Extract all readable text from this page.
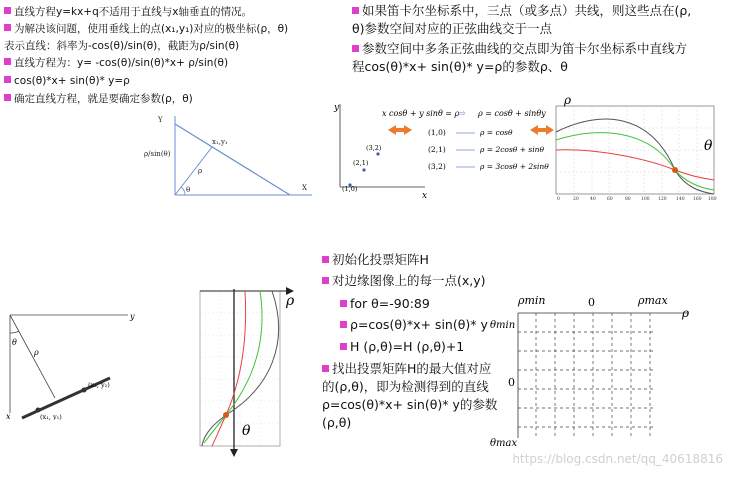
直线方程y=kx+q不适用于直线与x轴垂直的情况。
为解决该问题，使用垂线上的点(x₁,y₁)对应的极坐标(ρ，θ)
表示直线：斜率为-cos(θ)/sin(θ)，截距为ρ/sin(θ)
直线方程为：y= -cos(θ)/sin(θ)*x+ ρ/sin(θ)
cos(θ)*x+ sin(θ)* y=ρ
确定直线方程，就是要确定参数(ρ，θ)
Y
X
x₁,y₁
ρ
θ
ρ/sin(θ)
如果笛卡尔坐标系中，三点（或多点）共线，则这些点在(ρ,
θ)参数空间对应的正弦曲线交于一点
参数空间中多条正弦曲线的交点即为笛卡尔坐标系中直线方
程cos(θ)*x+ sin(θ)* y=ρ的参数ρ、θ
y
x
(3,2)
(2,1)
(1,0)
x cosθ + y sinθ = ρ
⇨ ρ = cosθ + sinθy
(1,0)	ρ = cosθ
(2,1)	ρ = 2cosθ + sinθ
(3,2)	ρ = 3cosθ + 2sinθ
ρ
θ
0	20	40	60	80 100 120 140 160 180
y
x
ρ
θ
(x₁, y₁)
(x₂, y₂)
ρ
θ
初始化投票矩阵H
对边缘图像上的每一点(x,y)
for θ=-90:89
ρ=cos(θ)*x+ sin(θ)* y
H (ρ,θ)=H (ρ,θ)+1
找出投票矩阵H的最大值对应
的(ρ,θ)，即为检测得到的直线
ρ=cos(θ)*x+ sin(θ)* y的参数
(ρ,θ)
ρmin	0	ρmax
ρ
θmin
0
θmax
https://blog.csdn.net/qq_40618816
